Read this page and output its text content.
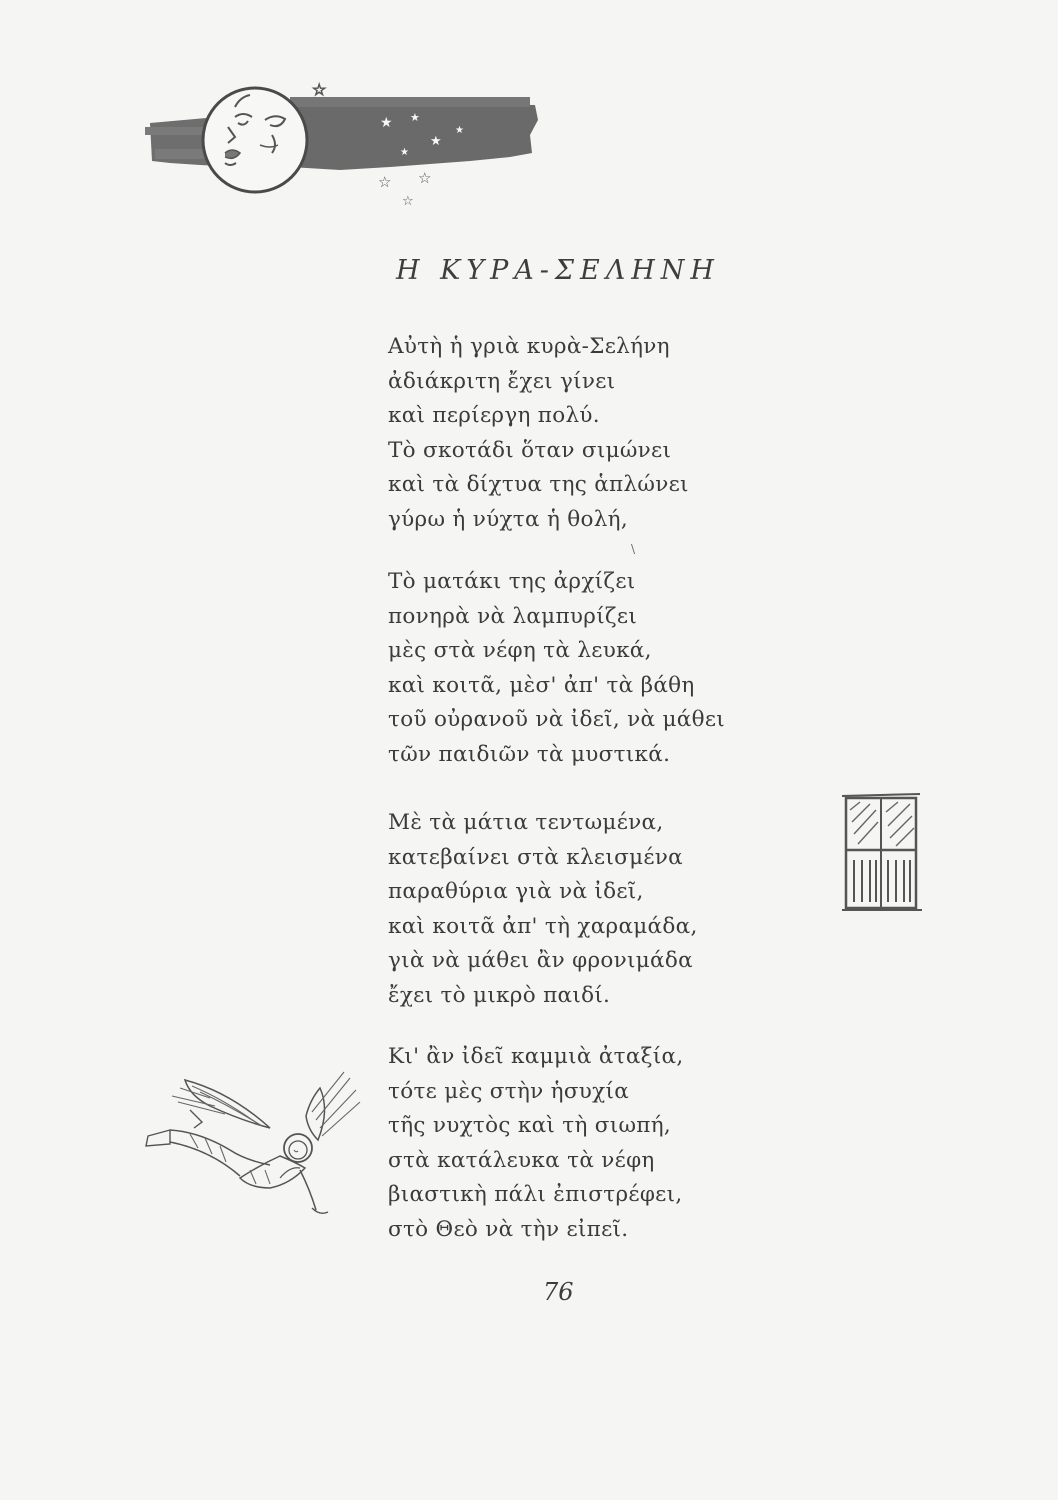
★ ★
★
★
★
☆
☆ ☆
☆
Η ΚΥΡΑ-ΣΕΛΗΝΗ
Αὐτὴ ἡ γριὰ κυρὰ-Σελήνη
ἀδιάκριτη ἔχει γίνει
καὶ περίεργη πολύ.
Τὸ σκοτάδι ὅταν σιμώνει
καὶ τὰ δίχτυα της ἁπλώνει
γύρω ἡ νύχτα ἡ θολή,
\
Τὸ ματάκι της ἀρχίζει
πονηρὰ νὰ λαμπυρίζει
μὲς στὰ νέφη τὰ λευκά,
καὶ κοιτᾶ, μὲσ' ἀπ' τὰ βάθη
τοῦ οὐρανοῦ νὰ ἰδεῖ, νὰ μάθει
τῶν παιδιῶν τὰ μυστικά.
Μὲ τὰ μάτια τεντωμένα,
κατεβαίνει στὰ κλεισμένα
παραθύρια γιὰ νὰ ἰδεῖ,
καὶ κοιτᾶ ἀπ' τὴ χαραμάδα,
γιὰ νὰ μάθει ἂν φρονιμάδα
ἔχει τὸ μικρὸ παιδί.
Κι' ἂν ἰδεῖ καμμιὰ ἀταξία,
τότε μὲς στὴν ἡσυχία
τῆς νυχτὸς καὶ τὴ σιωπή,
στὰ κατάλευκα τὰ νέφη
βιαστικὴ πάλι ἐπιστρέφει,
στὸ Θεὸ νὰ τὴν εἰπεῖ.
76
